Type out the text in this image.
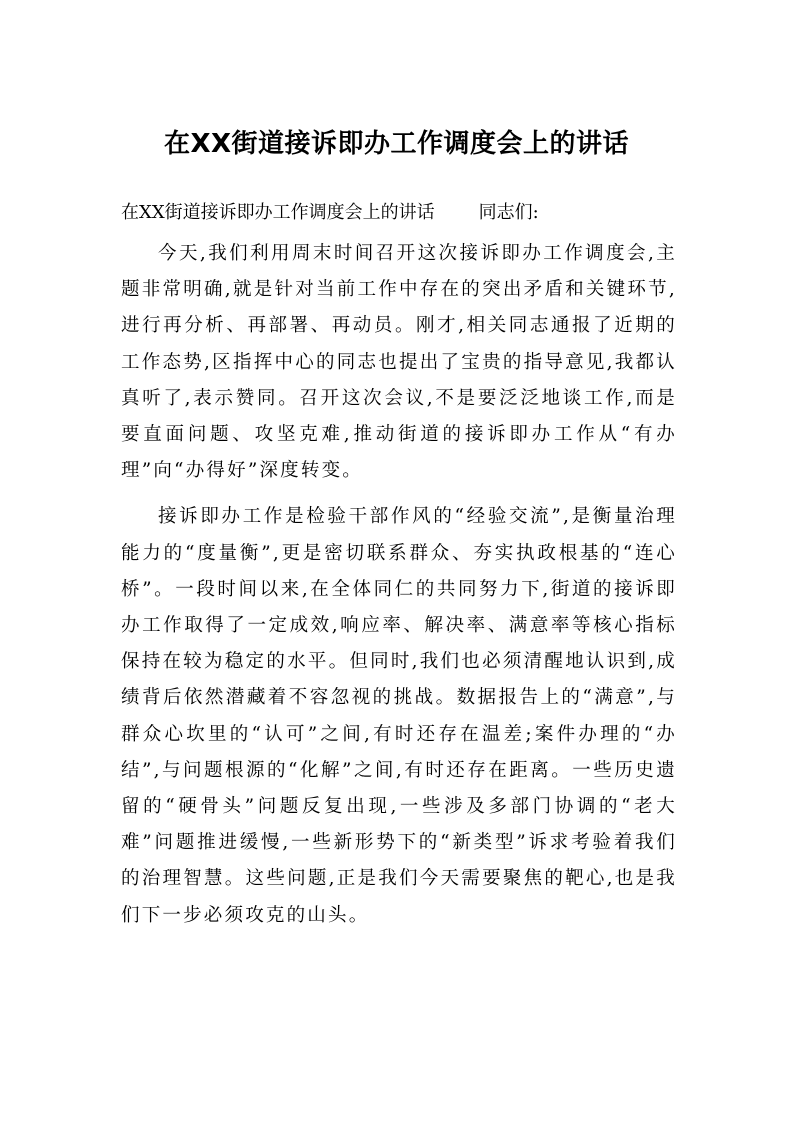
在XX街道接诉即办工作调度会上的讲话
在XX街道接诉即办工作调度会上的讲话 同志们:

今天,我们利用周末时间召开这次接诉即办工作调度会,主题非常明确,就是针对当前工作中存在的突出矛盾和关键环节,进行再分析、再部署、再动员。刚才,相关同志通报了近期的工作态势,区指挥中心的同志也提出了宝贵的指导意见,我都认真听了,表示赞同。召开这次会议,不是要泛泛地谈工作,而是要直面问题、攻坚克难,推动街道的接诉即办工作从“有办理”向“办得好”深度转变。

接诉即办工作是检验干部作风的“经验交流”,是衡量治理能力的“度量衡”,更是密切联系群众、夯实执政根基的“连心桥”。一段时间以来,在全体同仁的共同努力下,街道的接诉即办工作取得了一定成效,响应率、解决率、满意率等核心指标保持在较为稳定的水平。但同时,我们也必须清醒地认识到,成绩背后依然潜藏着不容忽视的挑战。数据报告上的“满意”,与群众心坎里的“认可”之间,有时还存在温差;案件办理的“办结”,与问题根源的“化解”之间,有时还存在距离。一些历史遗留的“硬骨头”问题反复出现,一些涉及多部门协调的“老大难”问题推进缓慢,一些新形势下的“新类型”诉求考验着我们的治理智慧。这些问题,正是我们今天需要聚焦的靶心,也是我们下一步必须攻克的山头。
